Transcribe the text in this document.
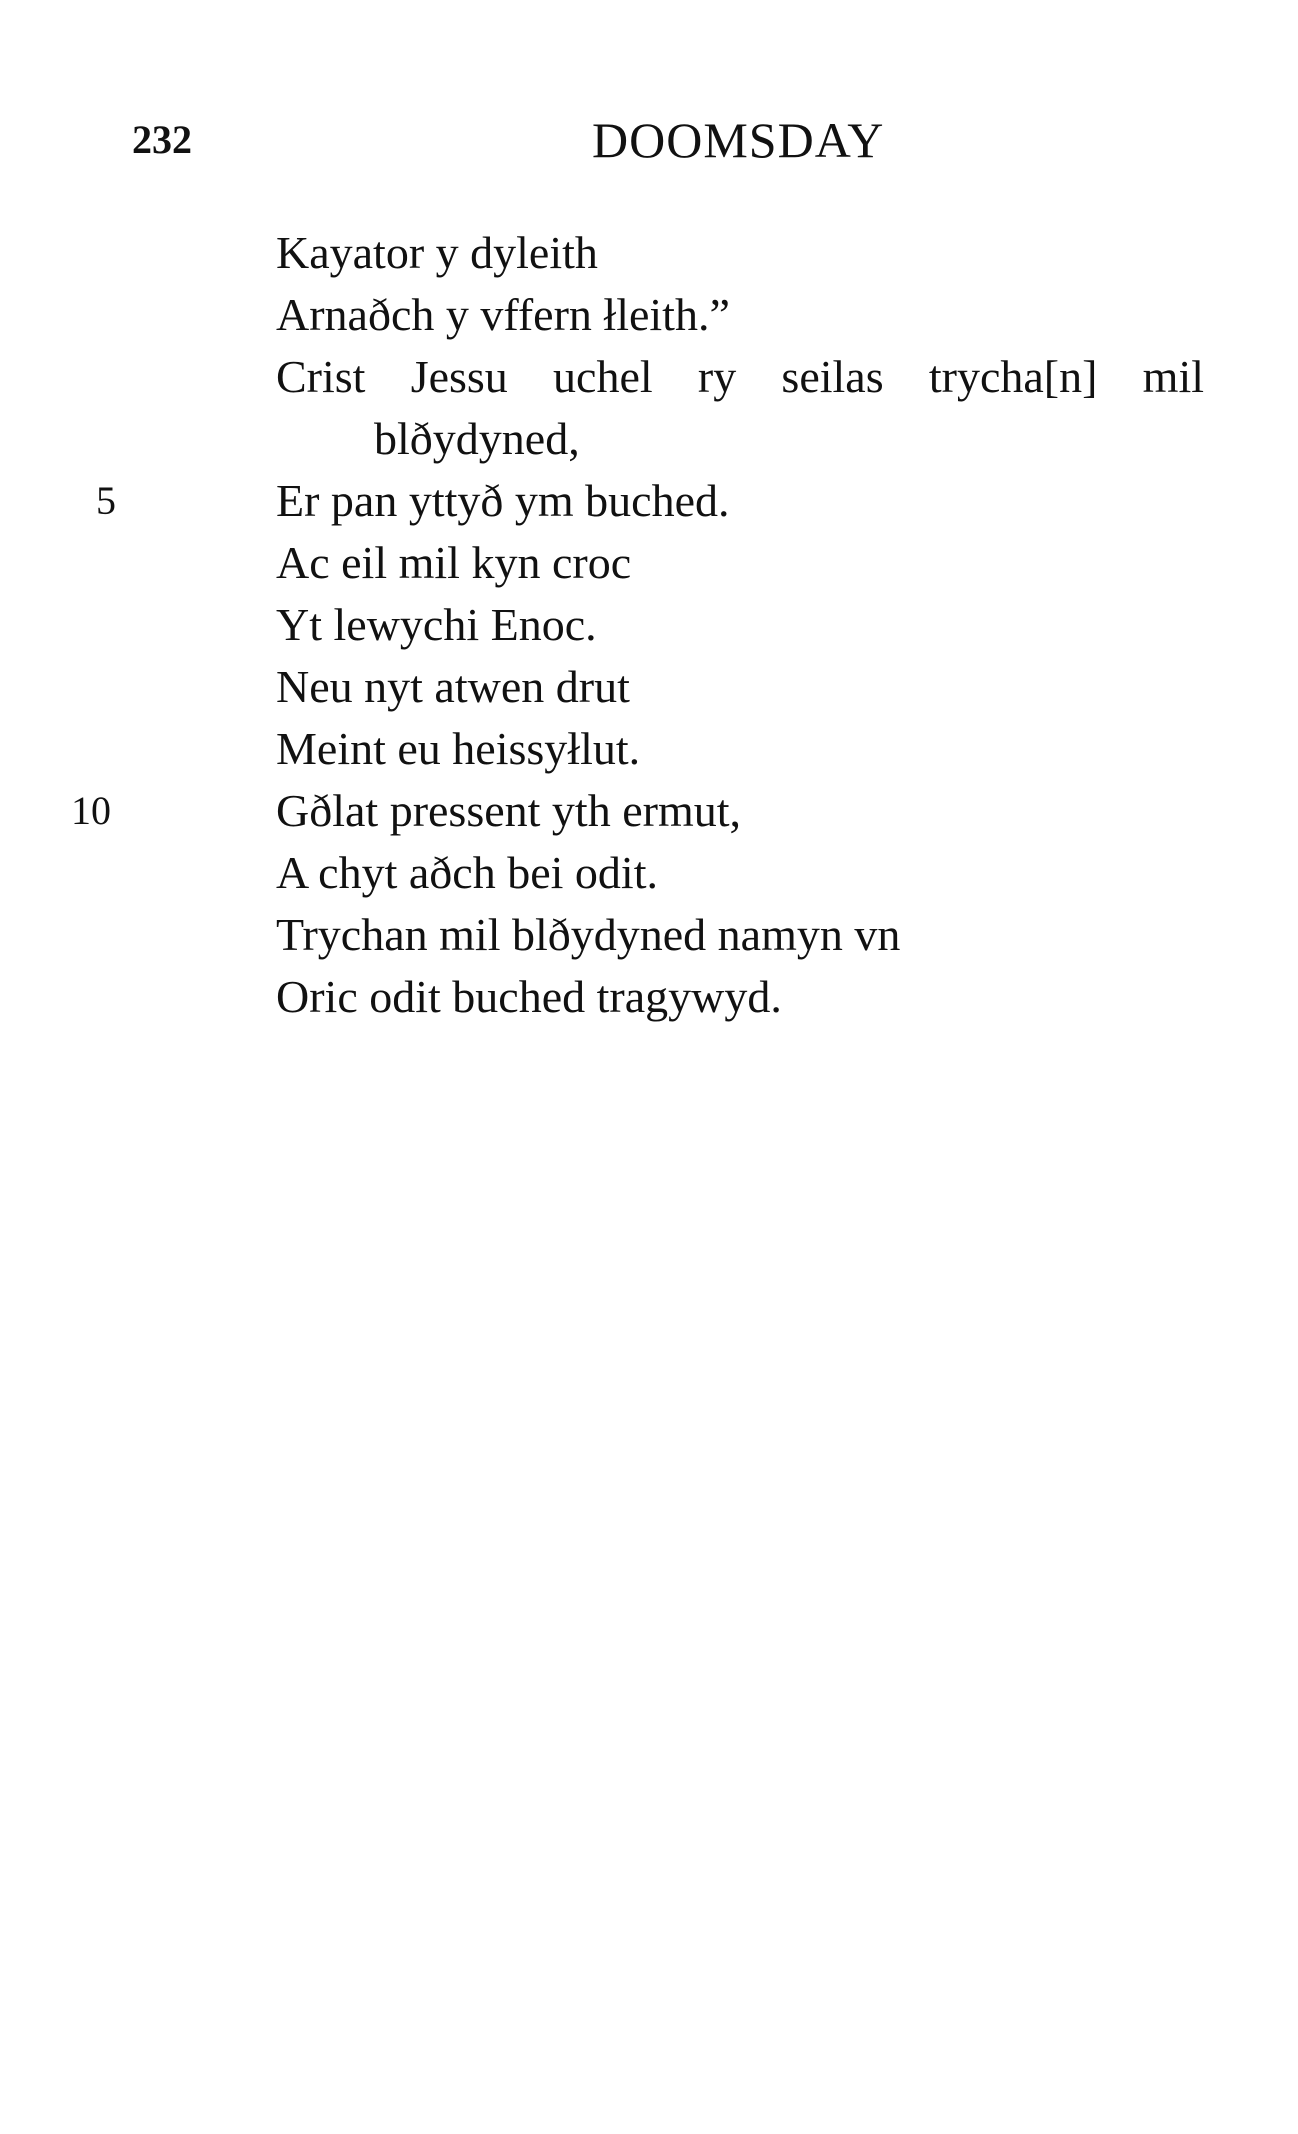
232	DOOMSDAY
Kayator y dyleith
Arnaðch y vffern łleith.”
Crist Jessu uchel ry seilas trycha[n] mil
blðydyned,
5	Er pan yttyð ym buched.
Ac eil mil kyn croc
Yt lewychi Enoc.
Neu nyt atwen drut
Meint eu heissyłlut.
10	Gðlat pressent yth ermut,
A chyt aðch bei odit.
Trychan mil blðydyned namyn vn
Oric odit buched tragywyd.
